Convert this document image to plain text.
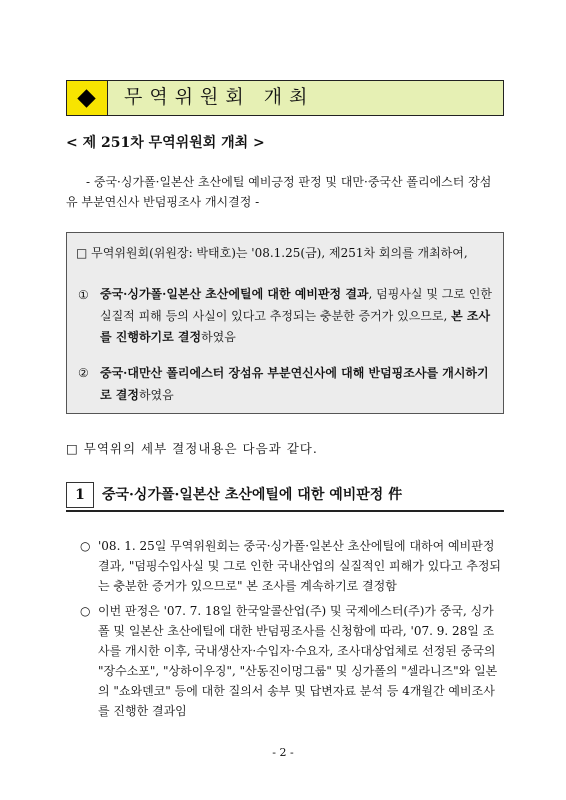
무역위원회 개최
< 제 251차 무역위원회 개최 >
- 중국·싱가폴·일본산 초산에틸 예비긍정 판정 및 대만·중국산 폴리에스터 장섬유 부분연신사 반덤핑조사 개시결정 -
□ 무역위원회(위원장: 박태호)는 '08.1.25(금), 제251차 회의를 개최하여,
① 중국·싱가폴·일본산 초산에틸에 대한 예비판정 결과, 덤핑사실 및 그로 인한 실질적 피해 등의 사실이 있다고 추정되는 충분한 증거가 있으므로, 본 조사를 진행하기로 결정하였음
② 중국·대만산 폴리에스터 장섬유 부분연신사에 대해 반덤핑조사를 개시하기로 결정하였음
□ 무역위의 세부 결정내용은 다음과 같다.
1	중국·싱가폴·일본산 초산에틸에 대한 예비판정 件
○ '08. 1. 25일 무역위원회는 중국·싱가폴·일본산 초산에틸에 대하여 예비판정 결과, "덤핑수입사실 및 그로 인한 국내산업의 실질적인 피해가 있다고 추정되는 충분한 증거가 있으므로" 본 조사를 계속하기로 결정함
○ 이번 판정은 '07. 7. 18일 한국알콜산업(주) 및 국제에스터(주)가 중국, 싱가폴 및 일본산 초산에틸에 대한 반덤핑조사를 신청함에 따라, '07. 9. 28일 조사를 개시한 이후, 국내생산자·수입자·수요자, 조사대상업체로 선정된 중국의 "장수소포", "상하이우징", "산동진이멍그룹" 및 싱가폴의 "셀라니즈"와 일본의 "쇼와덴코" 등에 대한 질의서 송부 및 답변자료 분석 등 4개월간 예비조사를 진행한 결과임
- 2 -
